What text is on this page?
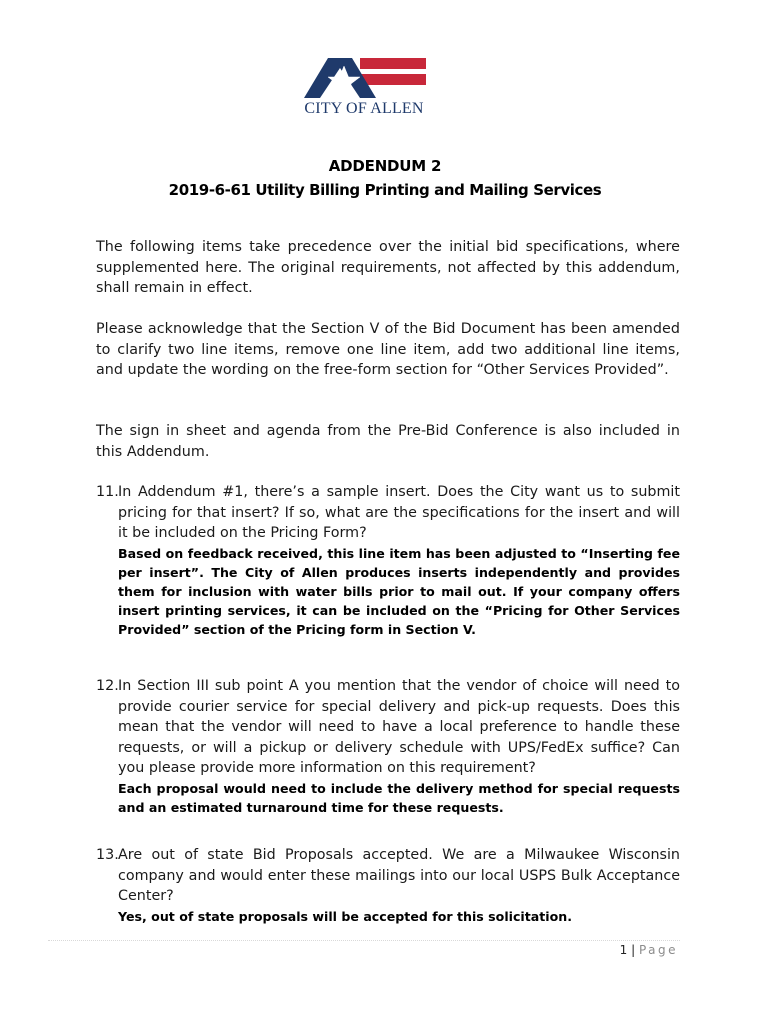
CITY OF ALLEN
ADDENDUM 2
2019-6-61 Utility Billing Printing and Mailing Services

The following items take precedence over the initial bid specifications, where supplemented here. The original requirements, not affected by this addendum, shall remain in effect.

Please acknowledge that the Section V of the Bid Document has been amended to clarify two line items, remove one line item, add two additional line items, and update the wording on the free-form section for “Other Services Provided”.

The sign in sheet and agenda from the Pre-Bid Conference is also included in this Addendum.

11. In Addendum #1, there’s a sample insert. Does the City want us to submit pricing for that insert? If so, what are the specifications for the insert and will it be included on the Pricing Form?

Based on feedback received, this line item has been adjusted to “Inserting fee per insert”. The City of Allen produces inserts independently and provides them for inclusion with water bills prior to mail out. If your company offers insert printing services, it can be included on the “Pricing for Other Services Provided” section of the Pricing form in Section V.

12. In Section III sub point A you mention that the vendor of choice will need to provide courier service for special delivery and pick-up requests. Does this mean that the vendor will need to have a local preference to handle these requests, or will a pickup or delivery schedule with UPS/FedEx suffice? Can you please provide more information on this requirement?

Each proposal would need to include the delivery method for special requests and an estimated turnaround time for these requests.

13. Are out of state Bid Proposals accepted. We are a Milwaukee Wisconsin company and would enter these mailings into our local USPS Bulk Acceptance Center?

Yes, out of state proposals will be accepted for this solicitation.

1 | Page
